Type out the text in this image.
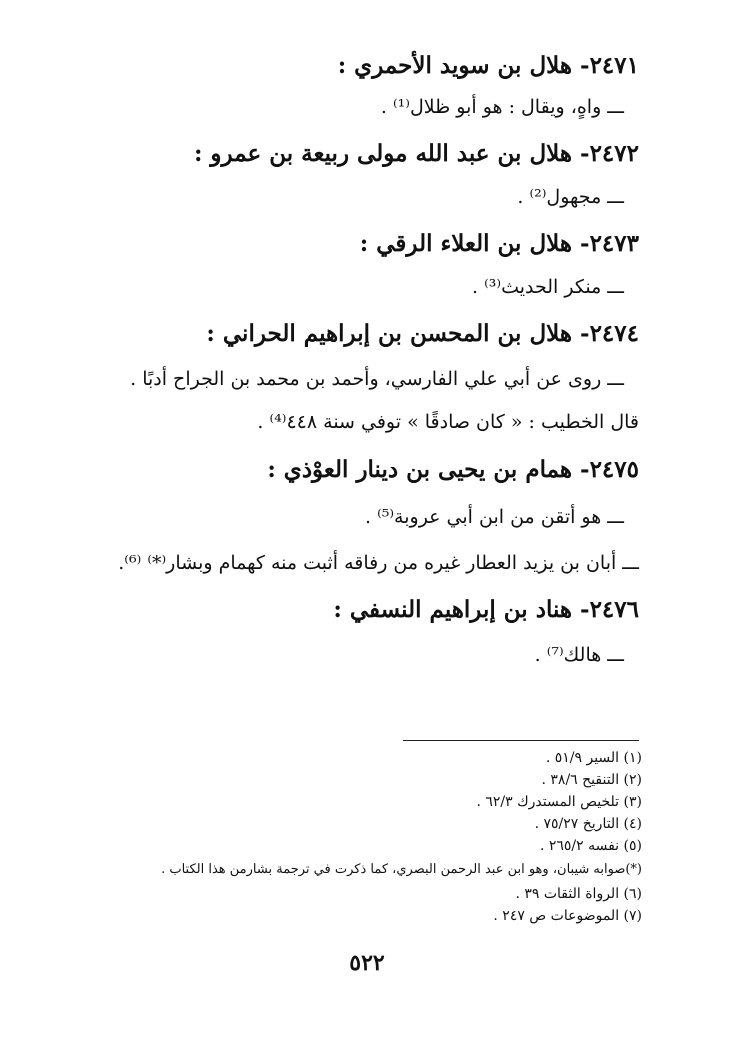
٢٤٧١- هلال بن سويد الأحمري :
ـــ واهٍ، ويقال : هو أبو ظلال⁽¹⁾ .
٢٤٧٢- هلال بن عبد الله مولى ربيعة بن عمرو :
ـــ مجهول⁽²⁾ .
٢٤٧٣- هلال بن العلاء الرقي :
ـــ منكر الحديث⁽³⁾ .
٢٤٧٤- هلال بن المحسن بن إبراهيم الحراني :
ـــ روى عن أبي علي الفارسي، وأحمد بن محمد بن الجراح أدبًا .
قال الخطيب : « كان صادقًا » توفي سنة ٤٤٨⁽⁴⁾ .
٢٤٧٥- همام بن يحيى بن دينار العوْذي :
ـــ هو أتقن من ابن أبي عروبة⁽⁵⁾ .
ـــ أبان بن يزيد العطار غيره من رفاقه أثبت منه كهمام وبشار⁽*⁾ ⁽⁶⁾.
٢٤٧٦- هناد بن إبراهيم النسفي :
ـــ هالك⁽⁷⁾ .
(١) السير ٥١/٩ .
(٢) التنقيح ٣٨/٦ .
(٣) تلخيص المستدرك ٦٢/٣ .
(٤) التاريخ ٧٥/٢٧ .
(٥) نفسه ٢٦٥/٢ .
(*)صوابه شيبان، وهو ابن عبد الرحمن البصري، كما ذكرت في ترجمة بشارمن هذا الكتاب .
(٦) الرواة الثقات ٣٩ .
(٧) الموضوعات ص ٢٤٧ .
٥٢٢
